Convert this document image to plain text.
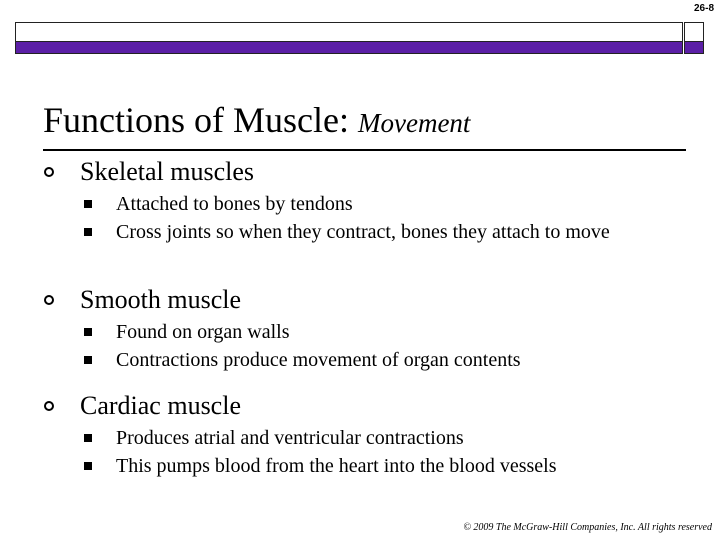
26-8
Functions of Muscle: Movement
Skeletal muscles
Attached to bones by tendons
Cross joints so when they contract, bones they attach to move
Smooth muscle
Found on organ walls
Contractions produce movement of organ contents
Cardiac muscle
Produces atrial and ventricular contractions
This pumps blood from the heart into the blood vessels
© 2009 The McGraw-Hill Companies, Inc. All rights reserved
